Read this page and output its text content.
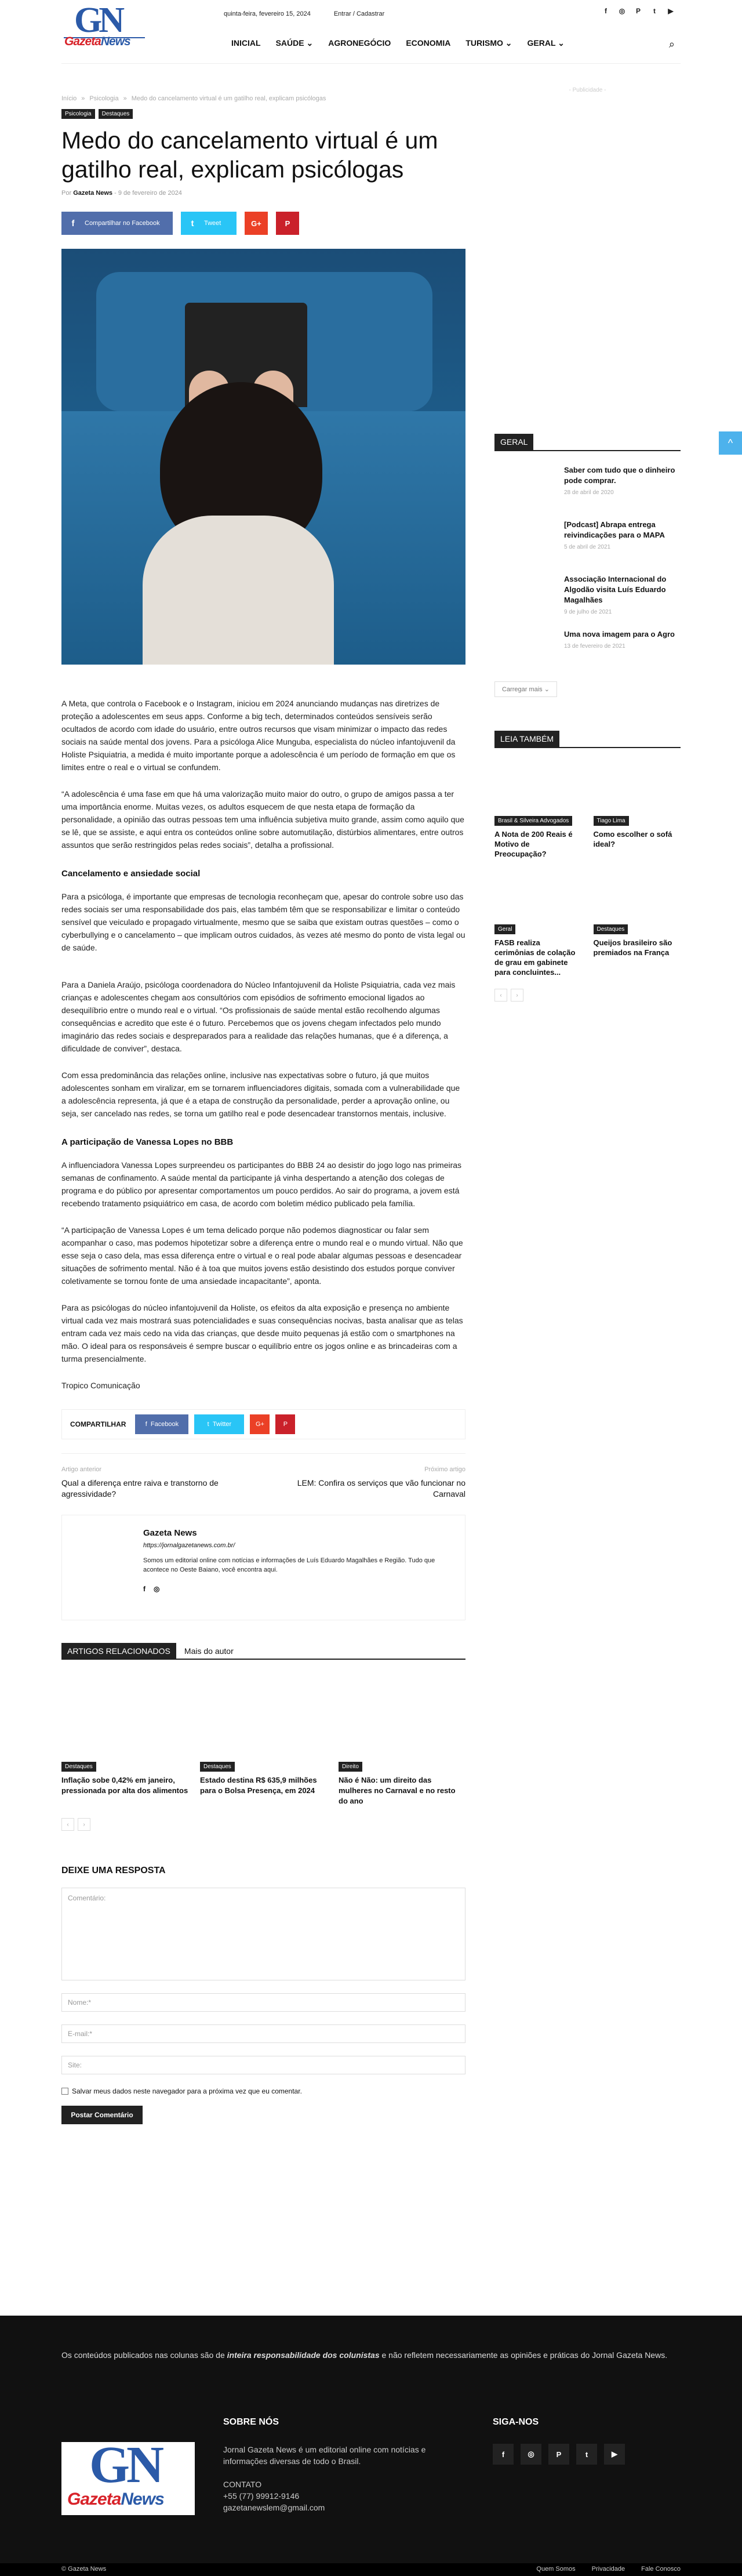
GN
GazetaNews
quinta-feira, fevereiro 15, 2024	Entrar / Cadastrar	f	◎ P	t	▶
INICIAL	SAÚDE ⌄	AGRONEGÓCIO	ECONOMIA	TURISMO ⌄	GERAL ⌄	⌕
Início » Psicologia » Medo do cancelamento virtual é um gatilho real, explicam psicólogas
Psicologia	Destaques
Medo do cancelamento virtual é um gatilho real, explicam psicólogas
Por Gazeta News - 9 de fevereiro de 2024
f	Compartilhar no Facebook	t	Tweet	G+	P

A Meta, que controla o Facebook e o Instagram, iniciou em 2024 anunciando mudanças nas diretrizes de proteção a adolescentes em seus apps. Conforme a big tech, determinados conteúdos sensíveis serão ocultados de acordo com idade do usuário, entre outros recursos que visam minimizar o impacto das redes sociais na saúde mental dos jovens. Para a psicóloga Alice Munguba, especialista do núcleo infantojuvenil da Holiste Psiquiatria, a medida é muito importante porque a adolescência é um período de formação em que os limites entre o real e o virtual se confundem.

“A adolescência é uma fase em que há uma valorização muito maior do outro, o grupo de amigos passa a ter uma importância enorme. Muitas vezes, os adultos esquecem de que nesta etapa de formação da personalidade, a opinião das outras pessoas tem uma influência subjetiva muito grande, assim como aquilo que se lê, que se assiste, e aqui entra os conteúdos online sobre automutilação, distúrbios alimentares, entre outros assuntos que serão restringidos pelas redes sociais”, detalha a profissional.

Cancelamento e ansiedade social

Para a psicóloga, é importante que empresas de tecnologia reconheçam que, apesar do controle sobre uso das redes sociais ser uma responsabilidade dos pais, elas também têm que se responsabilizar e limitar o conteúdo sensível que veiculado e propagado virtualmente, mesmo que se saiba que existam outras questões – como o cyberbullying e o cancelamento – que implicam outros cuidados, às vezes até mesmo do ponto de vista legal ou de saúde.

Para a Daniela Araújo, psicóloga coordenadora do Núcleo Infantojuvenil da Holiste Psiquiatria, cada vez mais crianças e adolescentes chegam aos consultórios com episódios de sofrimento emocional ligados ao desequilíbrio entre o mundo real e o virtual. “Os profissionais de saúde mental estão recolhendo algumas consequências e acredito que este é o futuro. Percebemos que os jovens chegam infectados pelo mundo imaginário das redes sociais e despreparados para a realidade das relações humanas, que é a diferença, a dificuldade de conviver”, destaca.

Com essa predominância das relações online, inclusive nas expectativas sobre o futuro, já que muitos adolescentes sonham em viralizar, em se tornarem influenciadores digitais, somada com a vulnerabilidade que a adolescência representa, já que é a etapa de construção da personalidade, perder a aprovação online, ou seja, ser cancelado nas redes, se torna um gatilho real e pode desencadear transtornos mentais, inclusive.

A participação de Vanessa Lopes no BBB

A influenciadora Vanessa Lopes surpreendeu os participantes do BBB 24 ao desistir do jogo logo nas primeiras semanas de confinamento. A saúde mental da participante já vinha despertando a atenção dos colegas de programa e do público por apresentar comportamentos um pouco perdidos. Ao sair do programa, a jovem está recebendo tratamento psiquiátrico em casa, de acordo com boletim médico publicado pela família.

“A participação de Vanessa Lopes é um tema delicado porque não podemos diagnosticar ou falar sem acompanhar o caso, mas podemos hipotetizar sobre a diferença entre o mundo real e o mundo virtual. Não que esse seja o caso dela, mas essa diferença entre o virtual e o real pode abalar algumas pessoas e desencadear situações de sofrimento mental. Não é à toa que muitos jovens estão desistindo dos estudos porque conviver coletivamente se tornou fonte de uma ansiedade incapacitante”, aponta.

Para as psicólogas do núcleo infantojuvenil da Holiste, os efeitos da alta exposição e presença no ambiente virtual cada vez mais mostrará suas potencialidades e suas consequências nocivas, basta analisar que as telas entram cada vez mais cedo na vida das crianças, que desde muito pequenas já estão com o smartphones na mão. O ideal para os responsáveis é sempre buscar o equilíbrio entre os jogos online e as brincadeiras com a turma presencialmente.

Tropico Comunicação

COMPARTILHAR	f Facebook	t Twitter	G+	P
Artigo anterior
Qual a diferença entre raiva e transtorno de agressividade?
Próximo artigo
LEM: Confira os serviços que vão funcionar no Carnaval
Gazeta News
https://jornalgazetanews.com.br/
Somos um editorial online com notícias e informações de Luís Eduardo Magalhães e Região. Tudo que acontece no Oeste Baiano, você encontra aqui.
f ◎
ARTIGOS RELACIONADOS	Mais do autor
Destaques
Inflação sobe 0,42% em janeiro, pressionada por alta dos alimentos
Destaques
Estado destina R$ 635,9 milhões para o Bolsa Presença, em 2024
Direito
Não é Não: um direito das mulheres no Carnaval e no resto do ano
‹	›
DEIXE UMA RESPOSTA
Comentário:
Nome:*
E-mail:*
Site:
Salvar meus dados neste navegador para a próxima vez que eu comentar.
Postar Comentário
- Publicidade -
GERAL
Saber com tudo que o dinheiro pode comprar.
28 de abril de 2020
[Podcast] Abrapa entrega reivindicações para o MAPA
5 de abril de 2021
Associação Internacional do Algodão visita Luís Eduardo Magalhães
9 de julho de 2021
Uma nova imagem para o Agro
13 de fevereiro de 2021
Carregar mais ⌄
LEIA TAMBÉM
Brasil & Silveira Advogados
A Nota de 200 Reais é Motivo de Preocupação?
Tiago Lima
Como escolher o sofá ideal?
Geral
FASB realiza cerimônias de colação de grau em gabinete para concluintes...
Destaques
Queijos brasileiro são premiados na França
‹	›
^
Os conteúdos publicados nas colunas são de inteira responsabilidade dos colunistas e não refletem necessariamente as opiniões e práticas do Jornal Gazeta News.
GN
GazetaNews
SOBRE NÓS

Jornal Gazeta News é um editorial online com notícias e informações diversas de todo o Brasil.

CONTATO
+55 (77) 99912-9146
gazetanewslem@gmail.com
SIGA-NOS
f	◎	P	t	▶
© Gazeta News	Quem Somos	Privacidade	Fale Conosco
